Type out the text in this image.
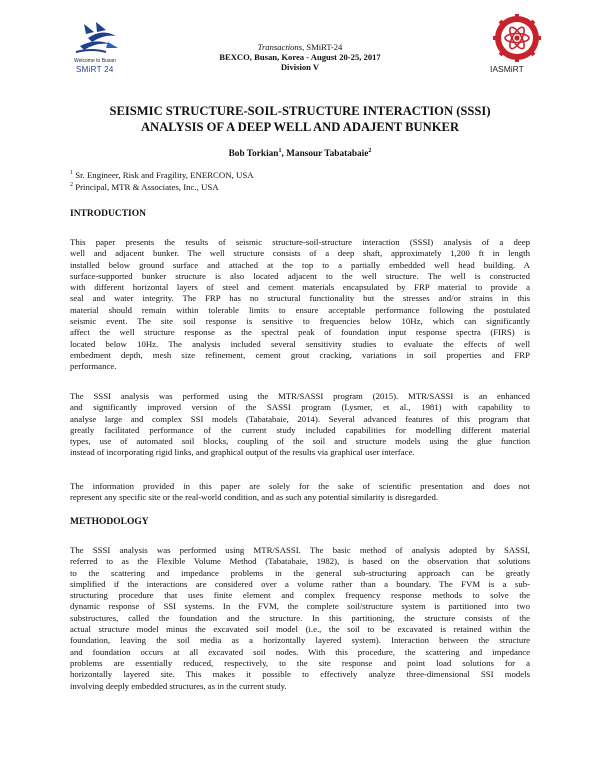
Welcome to Busan
SMiRT 24	IASMiRT
Transactions, SMiRT-24
BEXCO, Busan, Korea - August 20-25, 2017
Division V
SEISMIC STRUCTURE-SOIL-STRUCTURE INTERACTION (SSSI)
ANALYSIS OF A DEEP WELL AND ADAJENT BUNKER
Bob Torkian$^1$, Mansour Tabatabaie$^2$
$^1$ Sr. Engineer, Risk and Fragility, ENERCON, USA
$^2$ Principal, MTR & Associates, Inc., USA
INTRODUCTION
This paper presents the results of seismic structure-soil-structure interaction (SSSI) analysis of a deep
well and adjacent bunker. The well structure consists of a deep shaft, approximately 1,200 ft in length
installed below ground surface and attached at the top to a partially embedded well head building. A
surface-supported bunker structure is also located adjacent to the well structure. The well is constructed
with different horizontal layers of steel and cement materials encapsulated by FRP material to provide a
seal and water integrity. The FRP has no structural functionality but the stresses and/or strains in this
material should remain within tolerable limits to ensure acceptable performance following the postulated
seismic event. The site soil response is sensitive to frequencies below 10Hz, which can significantly
affect the well structure response as the spectral peak of foundation input response spectra (FIRS) is
located below 10Hz. The analysis included several sensitivity studies to evaluate the effects of well
embedment depth, mesh size refinement, cement grout cracking, variations in soil properties and FRP
performance.
The SSSI analysis was performed using the MTR/SASSI program (2015). MTR/SASSI is an enhanced
and significantly improved version of the SASSI program (Lysmer, et al., 1981) with capability to
analyse large and complex SSI models (Tabatabaie, 2014). Several advanced features of this program that
greatly facilitated performance of the current study included capabilities for modelling different material
types, use of automated soil blocks, coupling of the soil and structure models using the glue function
instead of incorporating rigid links, and graphical output of the results via graphical user interface.
The information provided in this paper are solely for the sake of scientific presentation and does not
represent any specific site or the real-world condition, and as such any potential similarity is disregarded.
METHODOLOGY
The SSSI analysis was performed using MTR/SASSI. The basic method of analysis adopted by SASSI,
referred to as the Flexible Volume Method (Tabatabaie, 1982), is based on the observation that solutions
to the scattering and impedance problems in the general sub-structuring approach can be greatly
simplified if the interactions are considered over a volume rather than a boundary. The FVM is a sub-
structuring procedure that uses finite element and complex frequency response methods to solve the
dynamic response of SSI systems. In the FVM, the complete soil/structure system is partitioned into two
substructures, called the foundation and the structure. In this partitioning, the structure consists of the
actual structure model minus the excavated soil model (i.e., the soil to be excavated is retained within the
foundation, leaving the soil media as a horizontally layered system). Interaction between the structure
and foundation occurs at all excavated soil nodes. With this procedure, the scattering and impedance
problems are essentially reduced, respectively, to the site response and point load solutions for a
horizontally layered site. This makes it possible to effectively analyze three-dimensional SSI models
involving deeply embedded structures, as in the current study.
